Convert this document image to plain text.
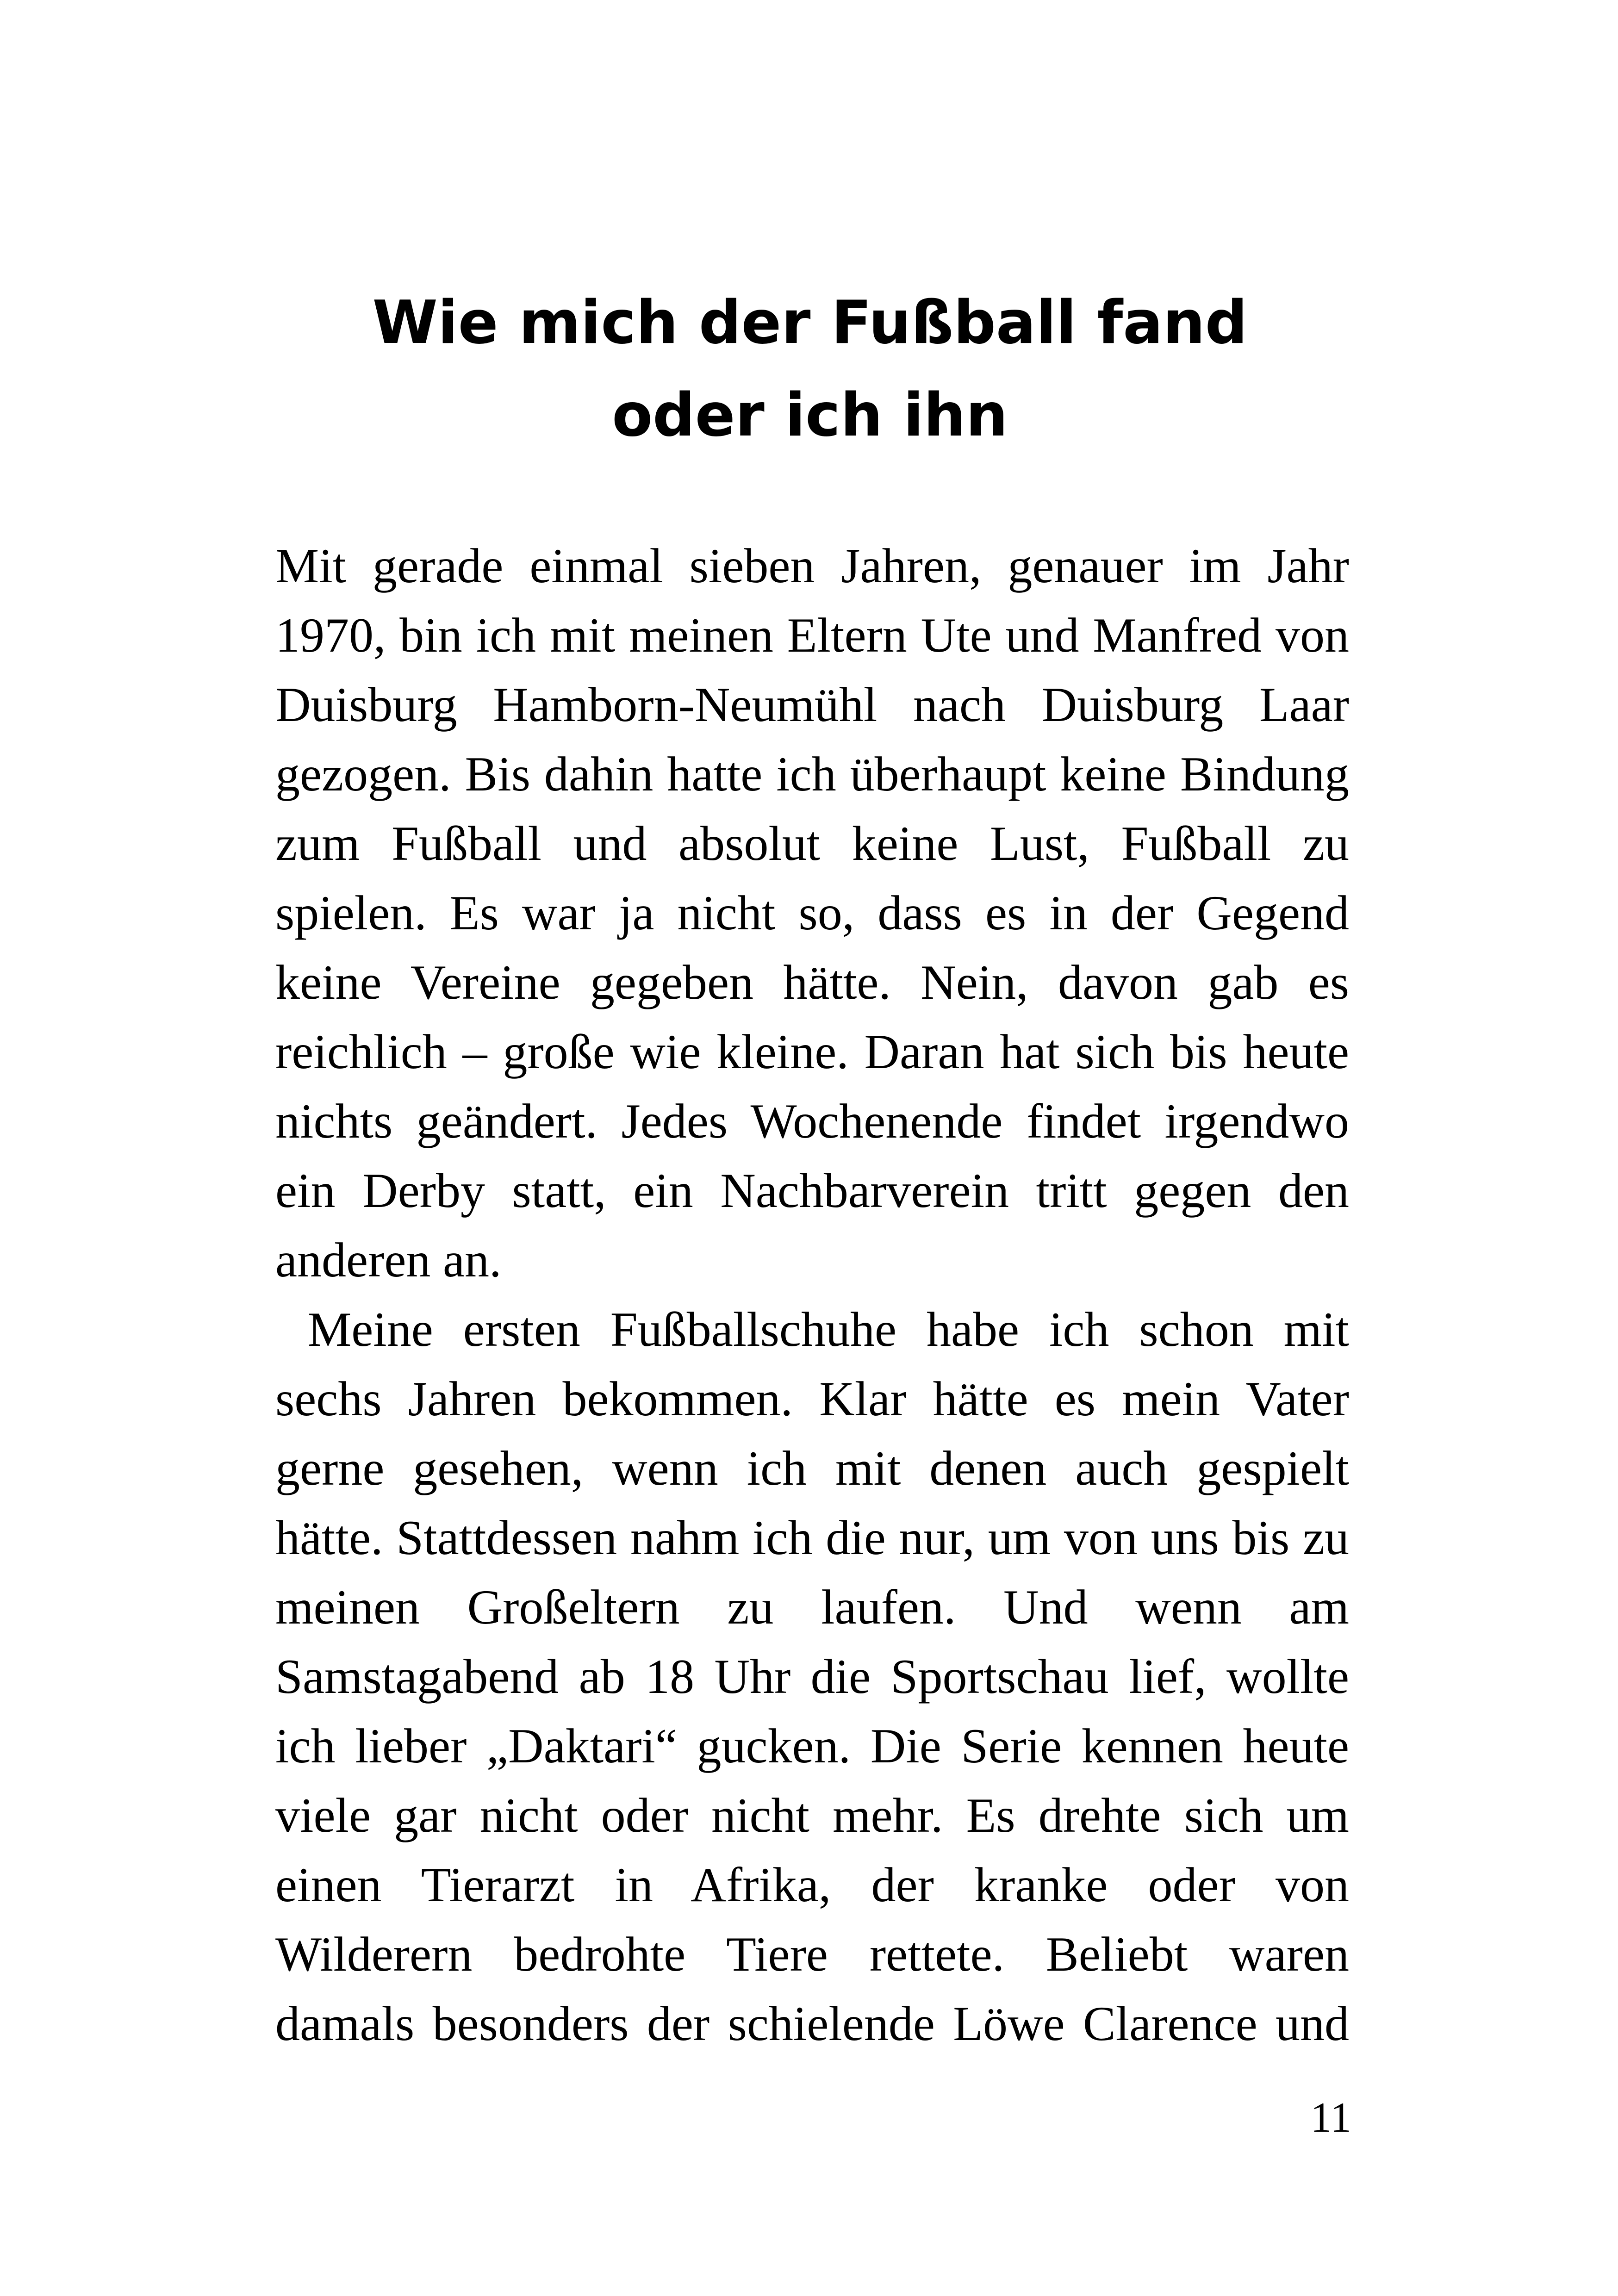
Wie mich der Fußball fand
oder ich ihn
Mit gerade einmal sieben Jahren, genauer im Jahr
1970, bin ich mit meinen Eltern Ute und Manfred von
Duisburg Hamborn-Neumühl nach Duisburg Laar
gezogen. Bis dahin hatte ich überhaupt keine Bindung
zum Fußball und absolut keine Lust, Fußball zu
spielen. Es war ja nicht so, dass es in der Gegend
keine Vereine gegeben hätte. Nein, davon gab es
reichlich – große wie kleine. Daran hat sich bis heute
nichts geändert. Jedes Wochenende findet irgendwo
ein Derby statt, ein Nachbarverein tritt gegen den
anderen an.
Meine ersten Fußballschuhe habe ich schon mit
sechs Jahren bekommen. Klar hätte es mein Vater
gerne gesehen, wenn ich mit denen auch gespielt
hätte. Stattdessen nahm ich die nur, um von uns bis zu
meinen Großeltern zu laufen. Und wenn am
Samstagabend ab 18 Uhr die Sportschau lief, wollte
ich lieber „Daktari“ gucken. Die Serie kennen heute
viele gar nicht oder nicht mehr. Es drehte sich um
einen Tierarzt in Afrika, der kranke oder von
Wilderern bedrohte Tiere rettete. Beliebt waren
damals besonders der schielende Löwe Clarence und
11
